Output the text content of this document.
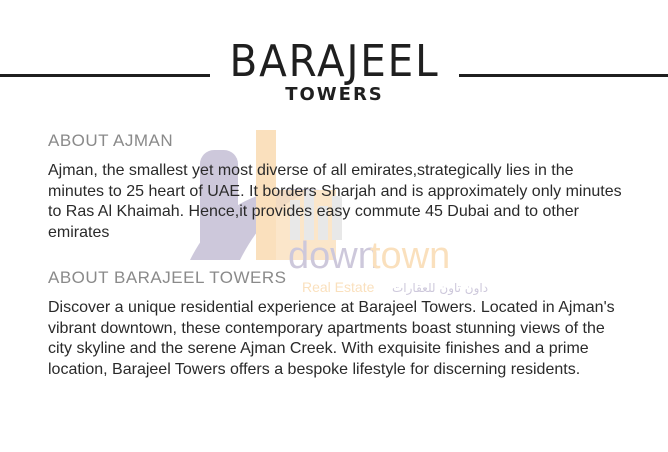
down
town
Real Estate داون تاون للعقارات
BARAJEEL
TOWERS
ABOUT AJMAN

Ajman, the smallest yet most diverse of all emirates,strategically lies in the minutes to 25 heart of UAE. It borders Sharjah and is approximately only minutes to Ras Al Khaimah. Hence,it provides easy commute 45 Dubai and to other emirates

ABOUT BARAJEEL TOWERS

Discover a unique residential experience at Barajeel Towers. Located in Ajman's vibrant downtown, these contemporary apartments boast stunning views of the city skyline and the serene Ajman Creek. With exquisite finishes and a prime location, Barajeel Towers offers a bespoke lifestyle for discerning residents.
